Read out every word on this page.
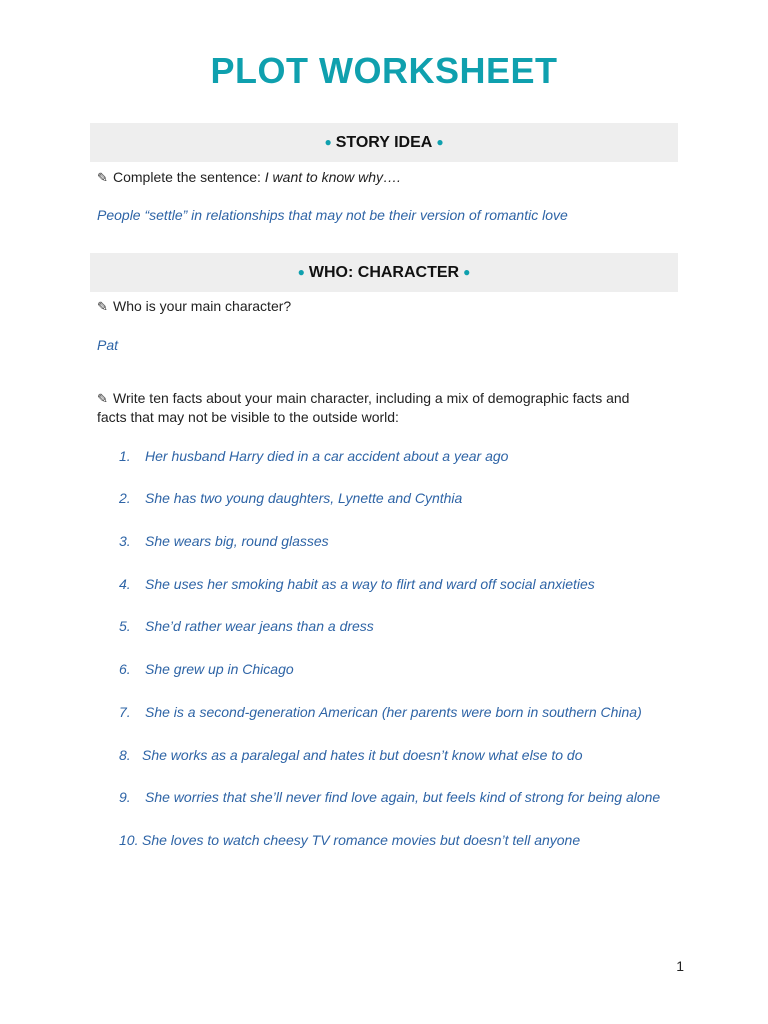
PLOT WORKSHEET
● STORY IDEA ●
✎ Complete the sentence: I want to know why….
People “settle” in relationships that may not be their version of romantic love
● WHO: CHARACTER ●
✎ Who is your main character?
Pat
✎ Write ten facts about your main character, including a mix of demographic facts and facts that may not be visible to the outside world:
1. Her husband Harry died in a car accident about a year ago
2. She has two young daughters, Lynette and Cynthia
3. She wears big, round glasses
4. She uses her smoking habit as a way to flirt and ward off social anxieties
5. She’d rather wear jeans than a dress
6. She grew up in Chicago
7. She is a second-generation American (her parents were born in southern China)
8. She works as a paralegal and hates it but doesn’t know what else to do
9. She worries that she’ll never find love again, but feels kind of strong for being alone
10. She loves to watch cheesy TV romance movies but doesn’t tell anyone
1
